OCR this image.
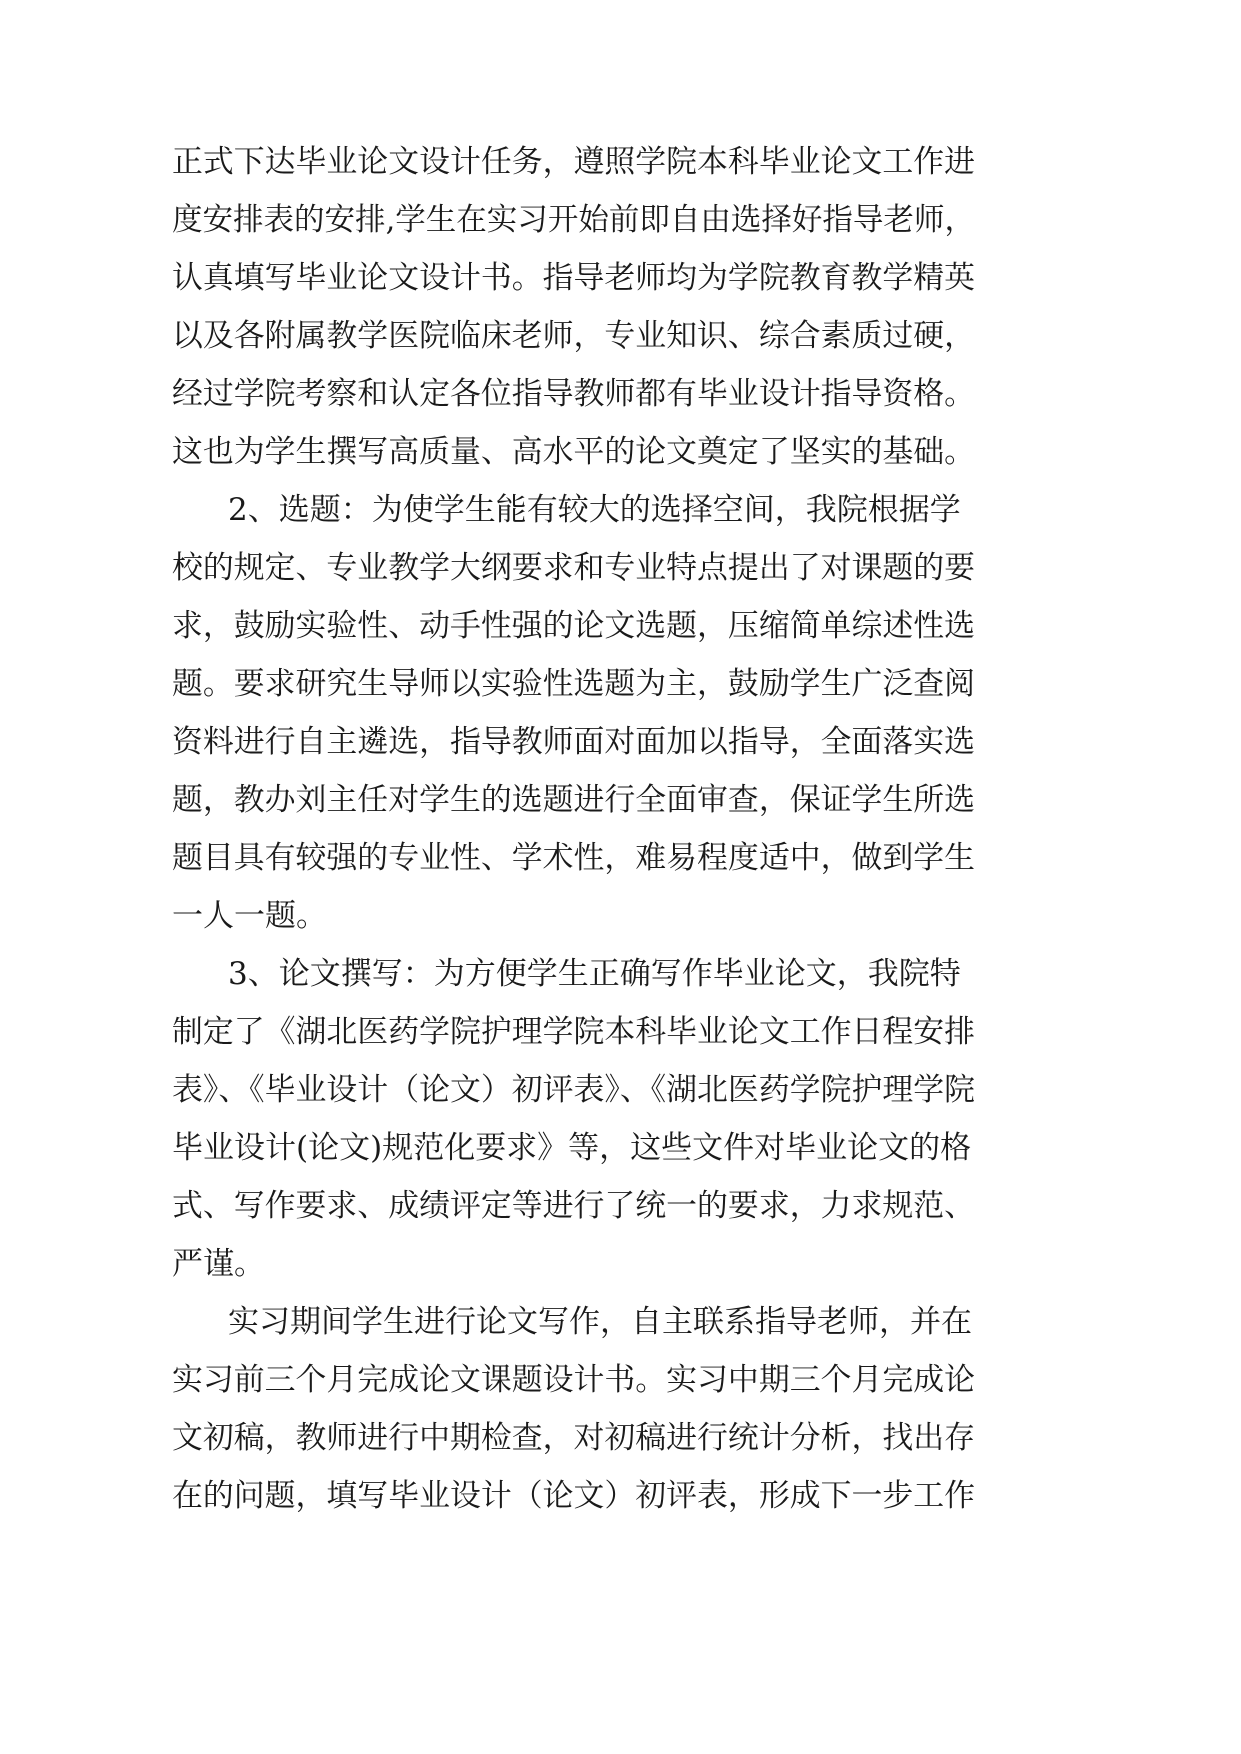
正式下达毕业论文设计任务，遵照学院本科毕业论文工作进
度安排表的安排,学生在实习开始前即自由选择好指导老师，
认真填写毕业论文设计书。指导老师均为学院教育教学精英
以及各附属教学医院临床老师，专业知识、综合素质过硬，
经过学院考察和认定各位指导教师都有毕业设计指导资格。
这也为学生撰写高质量、高水平的论文奠定了坚实的基础。
2、选题：为使学生能有较大的选择空间，我院根据学
校的规定、专业教学大纲要求和专业特点提出了对课题的要
求，鼓励实验性、动手性强的论文选题，压缩简单综述性选
题。要求研究生导师以实验性选题为主，鼓励学生广泛查阅
资料进行自主遴选，指导教师面对面加以指导，全面落实选
题，教办刘主任对学生的选题进行全面审查，保证学生所选
题目具有较强的专业性、学术性，难易程度适中，做到学生
一人一题。
3、论文撰写：为方便学生正确写作毕业论文，我院特
制定了《湖北医药学院护理学院本科毕业论文工作日程安排
表》、《毕业设计（论文）初评表》、《湖北医药学院护理学院
毕业设计(论文)规范化要求》等，这些文件对毕业论文的格
式、写作要求、成绩评定等进行了统一的要求，力求规范、
严谨。
实习期间学生进行论文写作，自主联系指导老师，并在
实习前三个月完成论文课题设计书。实习中期三个月完成论
文初稿，教师进行中期检查，对初稿进行统计分析，找出存
在的问题，填写毕业设计（论文）初评表，形成下一步工作
